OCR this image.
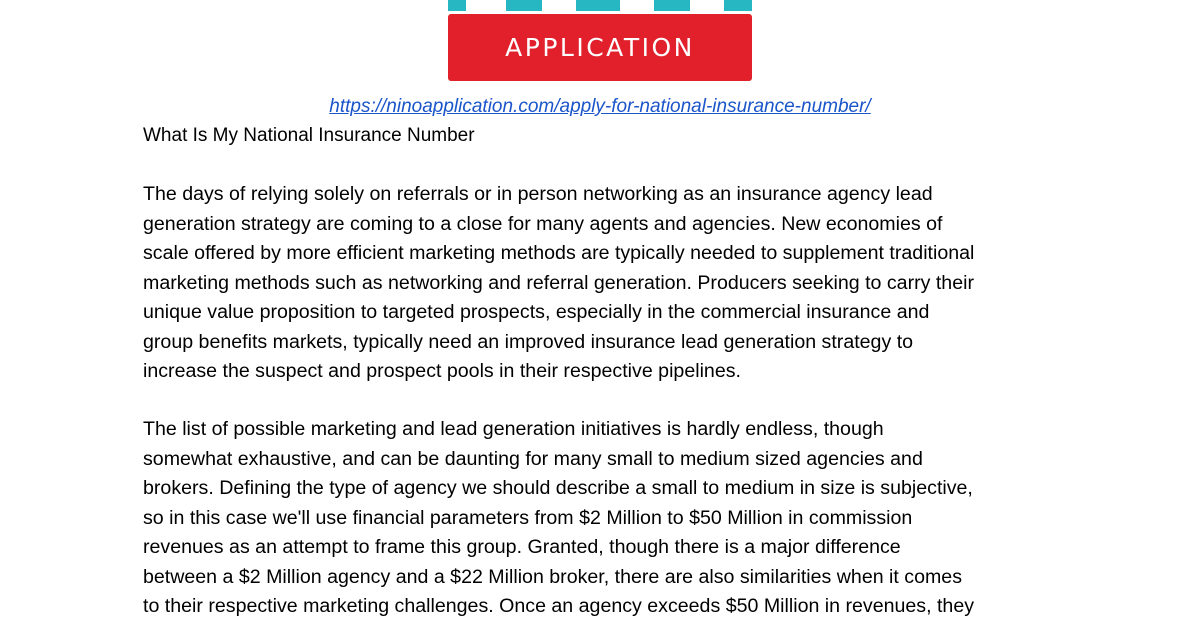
APPLICATION
https://ninoapplication.com/apply-for-national-insurance-number/
What Is My National Insurance Number

The days of relying solely on referrals or in person networking as an insurance agency lead
generation strategy are coming to a close for many agents and agencies. New economies of
scale offered by more efficient marketing methods are typically needed to supplement traditional
marketing methods such as networking and referral generation. Producers seeking to carry their
unique value proposition to targeted prospects, especially in the commercial insurance and
group benefits markets, typically need an improved insurance lead generation strategy to
increase the suspect and prospect pools in their respective pipelines.

The list of possible marketing and lead generation initiatives is hardly endless, though
somewhat exhaustive, and can be daunting for many small to medium sized agencies and
brokers. Defining the type of agency we should describe a small to medium in size is subjective,
so in this case we'll use financial parameters from $2 Million to $50 Million in commission
revenues as an attempt to frame this group. Granted, though there is a major difference
between a $2 Million agency and a $22 Million broker, there are also similarities when it comes
to their respective marketing challenges. Once an agency exceeds $50 Million in revenues, they
